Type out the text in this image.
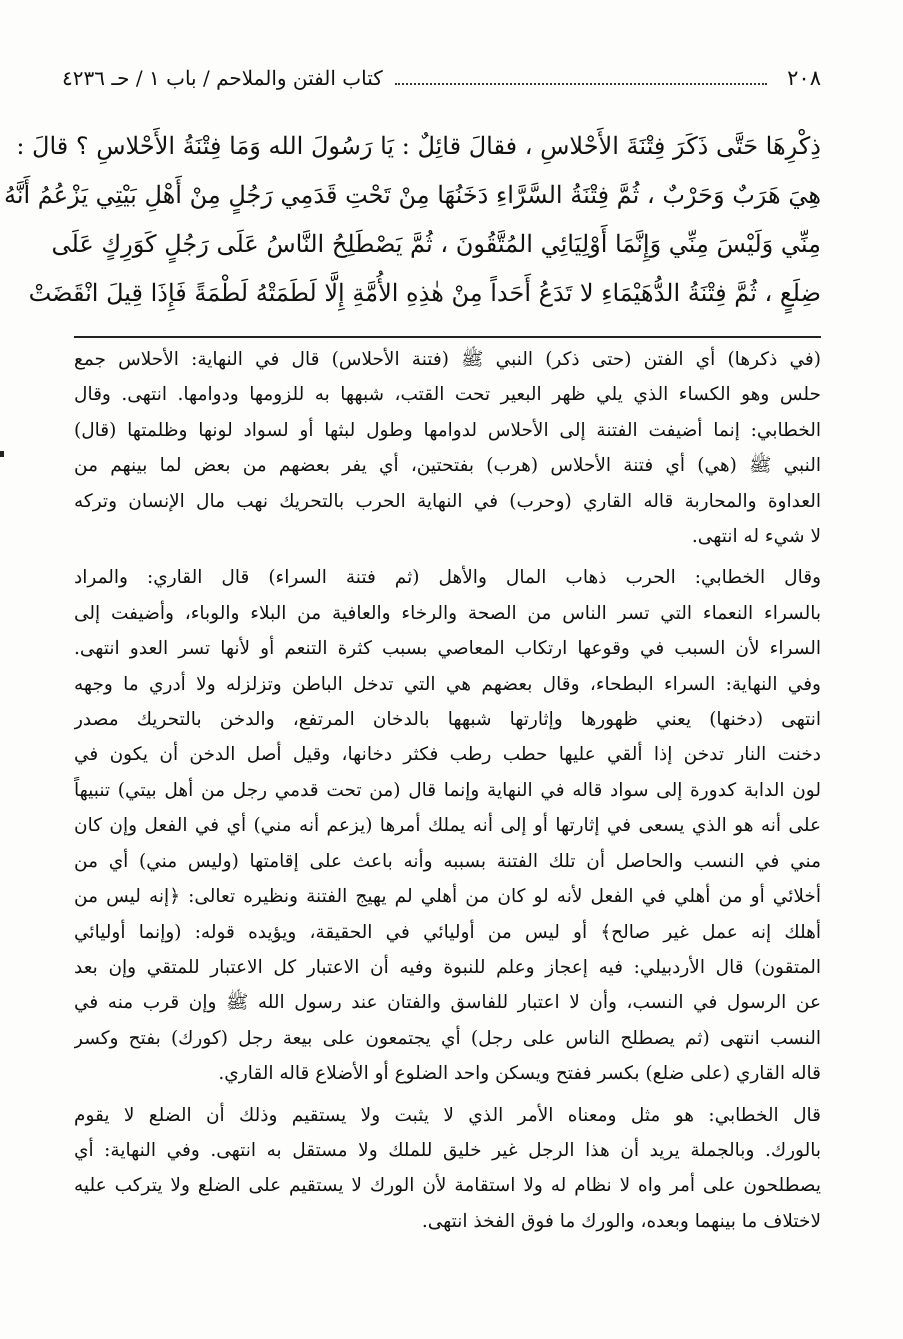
٢٠٨
كتاب الفتن والملاحم / باب ١ / حـ ٤٢٣٦
ذِكْرِهَا حَتَّى ذَكَرَ فِتْنَةَ الأَحْلاسِ ، فقالَ قائِلٌ : يَا رَسُولَ الله وَمَا فِتْنَةُ الأَحْلاسِ ؟ قالَ :
هِيَ هَرَبٌ وَحَرْبٌ ، ثُمَّ فِتْنَةُ السَّرَّاءِ دَخَنُهَا مِنْ تَحْتِ قَدَمِي رَجُلٍ مِنْ أَهْلِ بَيْتِي يَزْعُمُ أَنَّهُ
مِنِّي وَلَيْسَ مِنِّي وَإِنَّمَا أَوْلِيَائِي المُتَّقُونَ ، ثُمَّ يَصْطَلِحُ النَّاسُ عَلَى رَجُلٍ كَوَرِكٍ عَلَى
ضِلَعٍ ، ثُمَّ فِتْنَةُ الدُّهَيْمَاءِ لا تَدَعُ أَحَداً مِنْ هٰذِهِ الأُمَّةِ إِلَّا لَطَمَتْهُ لَطْمَةً فَإِذَا قِيلَ انْقَضَتْ
(في ذكرها) أي الفتن (حتى ذكر) النبي ﷺ (فتنة الأحلاس) قال في النهاية: الأحلاس جمع
حلس وهو الكساء الذي يلي ظهر البعير تحت القتب، شبهها به للزومها ودوامها. انتهى. وقال
الخطابي: إنما أضيفت الفتنة إلى الأحلاس لدوامها وطول لبثها أو لسواد لونها وظلمتها (قال)
النبي ﷺ (هي) أي فتنة الأحلاس (هرب) بفتحتين، أي يفر بعضهم من بعض لما بينهم من
العداوة والمحاربة قاله القاري (وحرب) في النهاية الحرب بالتحريك نهب مال الإنسان وتركه
لا شيء له انتهى.
وقال الخطابي: الحرب ذهاب المال والأهل (ثم فتنة السراء) قال القاري: والمراد
بالسراء النعماء التي تسر الناس من الصحة والرخاء والعافية من البلاء والوباء، وأضيفت إلى
السراء لأن السبب في وقوعها ارتكاب المعاصي بسبب كثرة التنعم أو لأنها تسر العدو انتهى.
وفي النهاية: السراء البطحاء، وقال بعضهم هي التي تدخل الباطن وتزلزله ولا أدري ما وجهه
انتهى (دخنها) يعني ظهورها وإثارتها شبهها بالدخان المرتفع، والدخن بالتحريك مصدر
دخنت النار تدخن إذا ألقي عليها حطب رطب فكثر دخانها، وقيل أصل الدخن أن يكون في
لون الدابة كدورة إلى سواد قاله في النهاية وإنما قال (من تحت قدمي رجل من أهل بيتي) تنبيهاً
على أنه هو الذي يسعى في إثارتها أو إلى أنه يملك أمرها (يزعم أنه مني) أي في الفعل وإن كان
مني في النسب والحاصل أن تلك الفتنة بسببه وأنه باعث على إقامتها (وليس مني) أي من
أخلائي أو من أهلي في الفعل لأنه لو كان من أهلي لم يهيج الفتنة ونظيره تعالى: ﴿إنه ليس من
أهلك إنه عمل غير صالح﴾ أو ليس من أوليائي في الحقيقة، ويؤيده قوله: (وإنما أوليائي
المتقون) قال الأردبيلي: فيه إعجاز وعلم للنبوة وفيه أن الاعتبار كل الاعتبار للمتقي وإن بعد
عن الرسول في النسب، وأن لا اعتبار للفاسق والفتان عند رسول الله ﷺ وإن قرب منه في
النسب انتهى (ثم يصطلح الناس على رجل) أي يجتمعون على بيعة رجل (كورك) بفتح وكسر
قاله القاري (على ضلع) بكسر ففتح ويسكن واحد الضلوع أو الأضلاع قاله القاري.
قال الخطابي: هو مثل ومعناه الأمر الذي لا يثبت ولا يستقيم وذلك أن الضلع لا يقوم
بالورك. وبالجملة يريد أن هذا الرجل غير خليق للملك ولا مستقل به انتهى. وفي النهاية: أي
يصطلحون على أمر واه لا نظام له ولا استقامة لأن الورك لا يستقيم على الضلع ولا يتركب عليه
لاختلاف ما بينهما وبعده، والورك ما فوق الفخذ انتهى.
